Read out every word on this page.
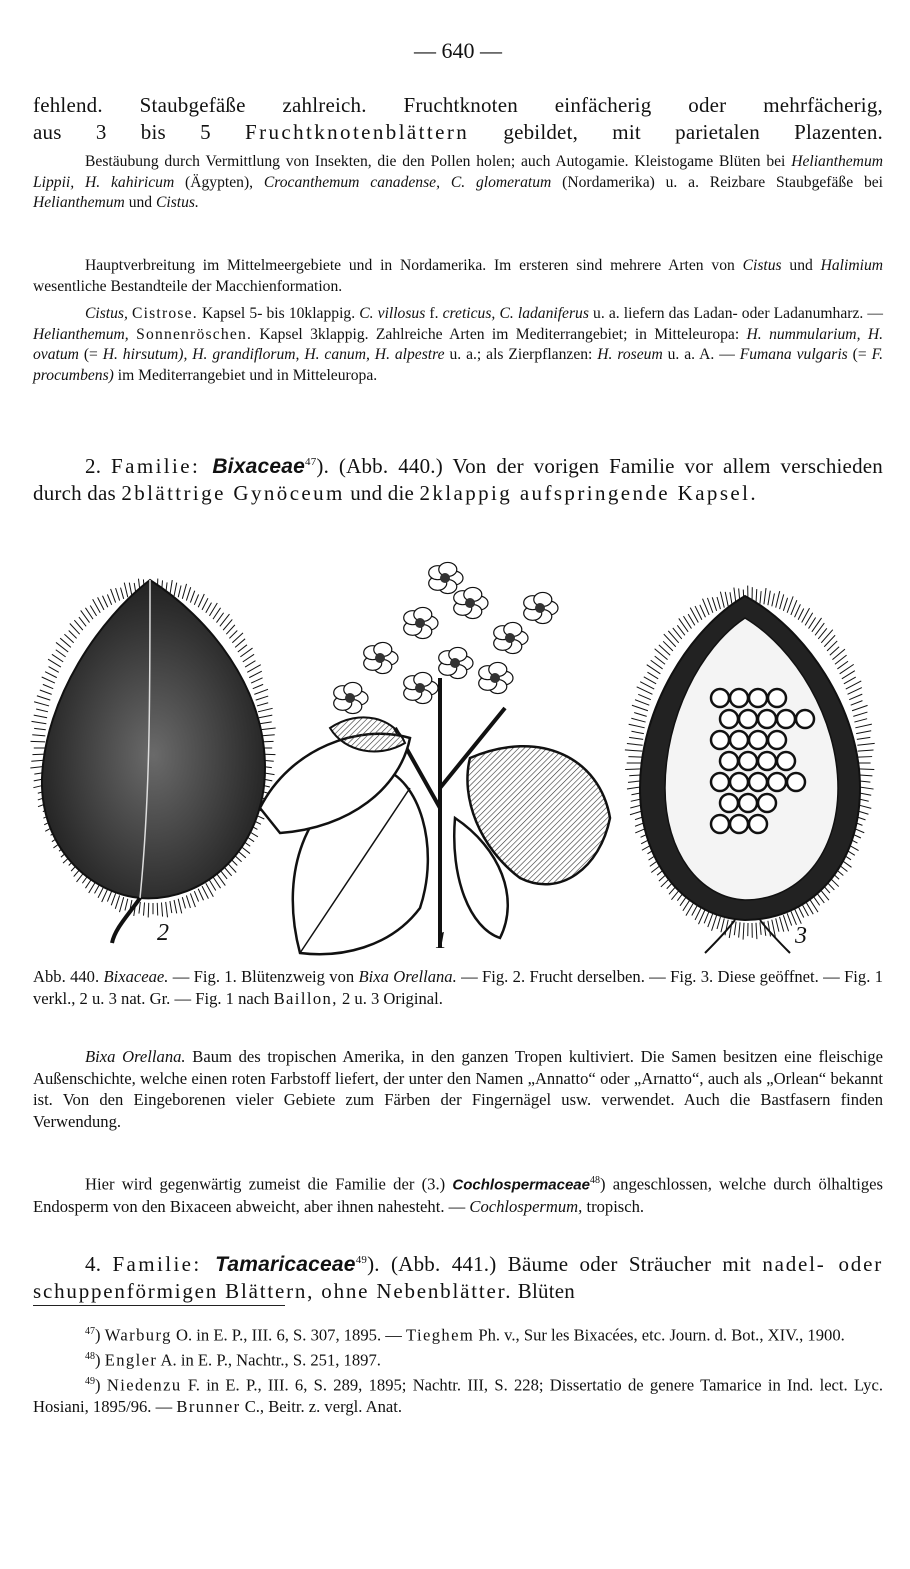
— 640 —

fehlend. Staubgefäße zahlreich. Fruchtknoten einfächerig oder mehrfächerig,

aus 3 bis 5 Fruchtknotenblättern gebildet, mit parietalen Plazenten.

Bestäubung durch Vermittlung von Insekten, die den Pollen holen; auch Autogamie. Kleistogame Blüten bei Helianthemum Lippii, H. kahiricum (Ägypten), Crocanthemum canadense, C. glomeratum (Nordamerika) u. a. Reizbare Staubgefäße bei Helianthemum und Cistus.

Hauptverbreitung im Mittelmeergebiete und in Nordamerika. Im ersteren sind mehrere Arten von Cistus und Halimium wesentliche Bestandteile der Macchienformation.

Cistus, Cistrose. Kapsel 5- bis 10klappig. C. villosus f. creticus, C. ladaniferus u. a. liefern das Ladan- oder Ladanumharz. — Helianthemum, Sonnenröschen. Kapsel 3klappig. Zahlreiche Arten im Mediterrangebiet; in Mitteleuropa: H. nummularium, H. ovatum (= H. hirsutum), H. grandiflorum, H. canum, H. alpestre u. a.; als Zierpflanzen: H. roseum u. a. A. — Fumana vulgaris (= F. procumbens) im Mediterrangebiet und in Mitteleuropa.

2. Familie: Bixaceae$^{47}$). (Abb. 440.) Von der vorigen Familie vor allem verschieden durch das 2blättrige Gynöceum und die 2klappig aufspringende Kapsel.

2	1	3

Abb. 440. Bixaceae. — Fig. 1. Blütenzweig von Bixa Orellana. — Fig. 2. Frucht derselben. — Fig. 3. Diese geöffnet. — Fig. 1 verkl., 2 u. 3 nat. Gr. — Fig. 1 nach Baillon, 2 u. 3 Original.

Bixa Orellana. Baum des tropischen Amerika, in den ganzen Tropen kultiviert. Die Samen besitzen eine fleischige Außenschichte, welche einen roten Farbstoff liefert, der unter den Namen „Annatto“ oder „Arnatto“, auch als „Orlean“ bekannt ist. Von den Eingeborenen vieler Gebiete zum Färben der Fingernägel usw. verwendet. Auch die Bastfasern finden Verwendung.

Hier wird gegenwärtig zumeist die Familie der (3.) Cochlospermaceae$^{48}$) angeschlossen, welche durch ölhaltiges Endosperm von den Bixaceen abweicht, aber ihnen nahesteht. — Cochlospermum, tropisch.

4. Familie: Tamaricaceae$^{49}$). (Abb. 441.) Bäume oder Sträucher mit nadel- oder schuppenförmigen Blättern, ohne Nebenblätter. Blüten

$^{47}$) Warburg O. in E. P., III. 6, S. 307, 1895. — Tieghem Ph. v., Sur les Bixacées, etc. Journ. d. Bot., XIV., 1900.

$^{48}$) Engler A. in E. P., Nachtr., S. 251, 1897.

$^{49}$) Niedenzu F. in E. P., III. 6, S. 289, 1895; Nachtr. III, S. 228; Dissertatio de genere Tamarice in Ind. lect. Lyc. Hosiani, 1895/96. — Brunner C., Beitr. z. vergl. Anat.
